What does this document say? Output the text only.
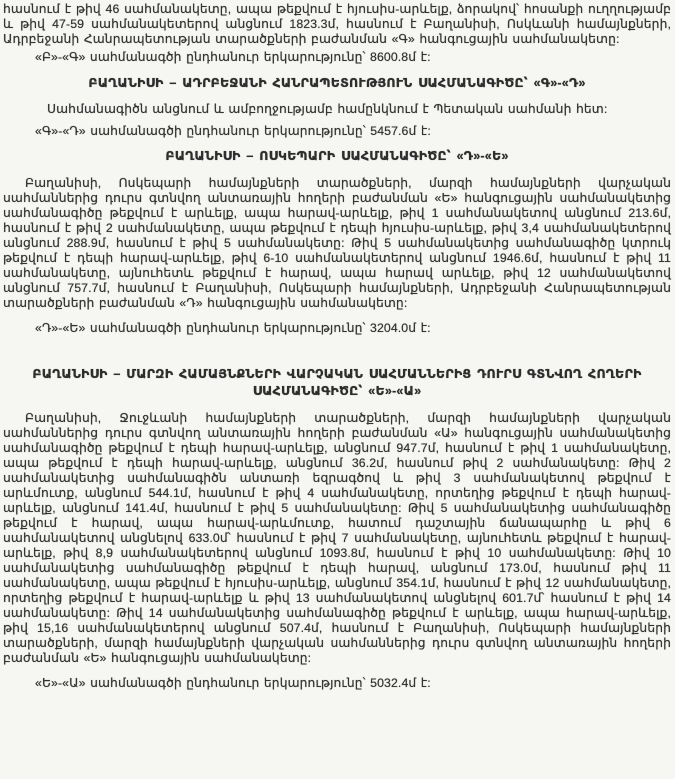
հասնում է թիվ 46 սահմանակետը, ապա թեքվում է հյուսիս-արևելք, ձորակով՝ հոսանքի ուղղությամբ և թիվ 47-59 սահմանակետերով անցնում 1823.3մ, հասնում է Բաղանիսի, Ոսկևանի համայնքների, Ադրբեջանի Հանրապետության տարածքների բաժանման «Գ» հանգուցային սահմանակետը:

«Բ»-«Գ» սահմանագծի ընդհանուր երկարությունը՝ 8600.8մ է:

ԲԱՂԱՆԻՍԻ – ԱԴՐԲԵՋԱՆԻ ՀԱՆՐԱՊԵՏՈՒԹՅՈՒՆ ՍԱՀՄԱՆԱԳԻԾԸ՝ «Գ»-«Դ»

Սահմանագիծն անցնում և ամբողջությամբ համընկնում է Պետական սահմանի հետ:

«Գ»-«Դ» սահմանագծի ընդհանուր երկարությունը՝ 5457.6մ է:

ԲԱՂԱՆԻՍԻ – ՈՍԿԵՊԱՐԻ ՍԱՀՄԱՆԱԳԻԾԸ՝ «Դ»-«Ե»

Բաղանիսի, Ոսկեպարի համայնքների տարածքների, մարզի համայնքների վարչական սահմաններից դուրս գտնվող անտառային հողերի բաժանման «Ե» հանգուցային սահմանակետից սահմանագիծը թեքվում է արևելք, ապա հարավ-արևելք, թիվ 1 սահմանակետով անցնում 213.6մ, հասնում է թիվ 2 սահմանակետը, ապա թեքվում է դեպի հյուսիս-արևելք, թիվ 3,4 սահմանակետերով անցնում 288.9մ, հասնում է թիվ 5 սահմանակետը: Թիվ 5 սահմանակետից սահմանագիծը կտրուկ թեքվում է դեպի հարավ-արևելք, թիվ 6-10 սահմանակետերով անցնում 1946.6մ, հասնում է թիվ 11 սահմանակետը, այնուհետև թեքվում է հարավ, ապա հարավ արևելք, թիվ 12 սահմանակետով անցնում 757.7մ, հասնում է Բաղանիսի, Ոսկեպարի համայնքների, Ադրբեջանի Հանրապետության տարածքների բաժանման «Դ» հանգուցային սահմանակետը:

«Դ»-«Ե» սահմանագծի ընդհանուր երկարությունը՝ 3204.0մ է:

ԲԱՂԱՆԻՍԻ – ՄԱՐԶԻ ՀԱՄԱՅՆՔՆԵՐԻ ՎԱՐՉԱԿԱՆ ՍԱՀՄԱՆՆԵՐԻՑ ԴՈՒՐՍ ԳՏՆՎՈՂ ՀՈՂԵՐԻ ՍԱՀՄԱՆԱԳԻԾԸ՝ «Ե»-«Ա»

Բաղանիսի, Ջուջևանի համայնքների տարածքների, մարզի համայնքների վարչական սահմաններից դուրս գտնվող անտառային հողերի բաժանման «Ա» հանգուցային սահմանակետից սահմանագիծը թեքվում է դեպի հարավ-արևելք, անցնում 947.7մ, հասնում է թիվ 1 սահմանակետը, ապա թեքվում է դեպի հարավ-արևելք, անցնում 36.2մ, հասնում թիվ 2 սահմանակետը: Թիվ 2 սահմանակետից սահմանագիծն անտառի եզրագծով և թիվ 3 սահմանակետով թեքվում է արևմուտք, անցնում 544.1մ, հասնում է թիվ 4 սահմանակետը, որտեղից թեքվում է դեպի հարավ-արևելք, անցնում 141.4մ, հասնում է թիվ 5 սահմանակետը: Թիվ 5 սահմանակետից սահմանագիծը թեքվում է հարավ, ապա հարավ-արևմուտք, հատում դաշտային ճանապարհը և թիվ 6 սահմանակետով անցնելով 633.0մ՝ հասնում է թիվ 7 սահմանակետը, այնուհետև թեքվում է հարավ-արևելք, թիվ 8,9 սահմանակետերով անցնում 1093.8մ, հասնում է թիվ 10 սահմանակետը: Թիվ 10 սահմանակետից սահմանագիծը թեքվում է դեպի հարավ, անցնում 173.0մ, հասնում թիվ 11 սահմանակետը, ապա թեքվում է հյուսիս-արևելք, անցնում 354.1մ, հասնում է թիվ 12 սահմանակետը, որտեղից թեքվում է հարավ-արևելք և թիվ 13 սահմանակետով անցնելով 601.7մ՝ հասնում է թիվ 14 սահմանակետը: Թիվ 14 սահմանակետից սահմանագիծը թեքվում է արևելք, ապա հարավ-արևելք, թիվ 15,16 սահմանակետերով անցնում 507.4մ, հասնում է Բաղանիսի, Ոսկեպարի համայնքների տարածքների, մարզի համայնքների վարչական սահմաններից դուրս գտնվող անտառային հողերի բաժանման «Ե» հանգուցային սահմանակետը:

«Ե»-«Ա» սահմանագծի ընդհանուր երկարությունը՝ 5032.4մ է:
